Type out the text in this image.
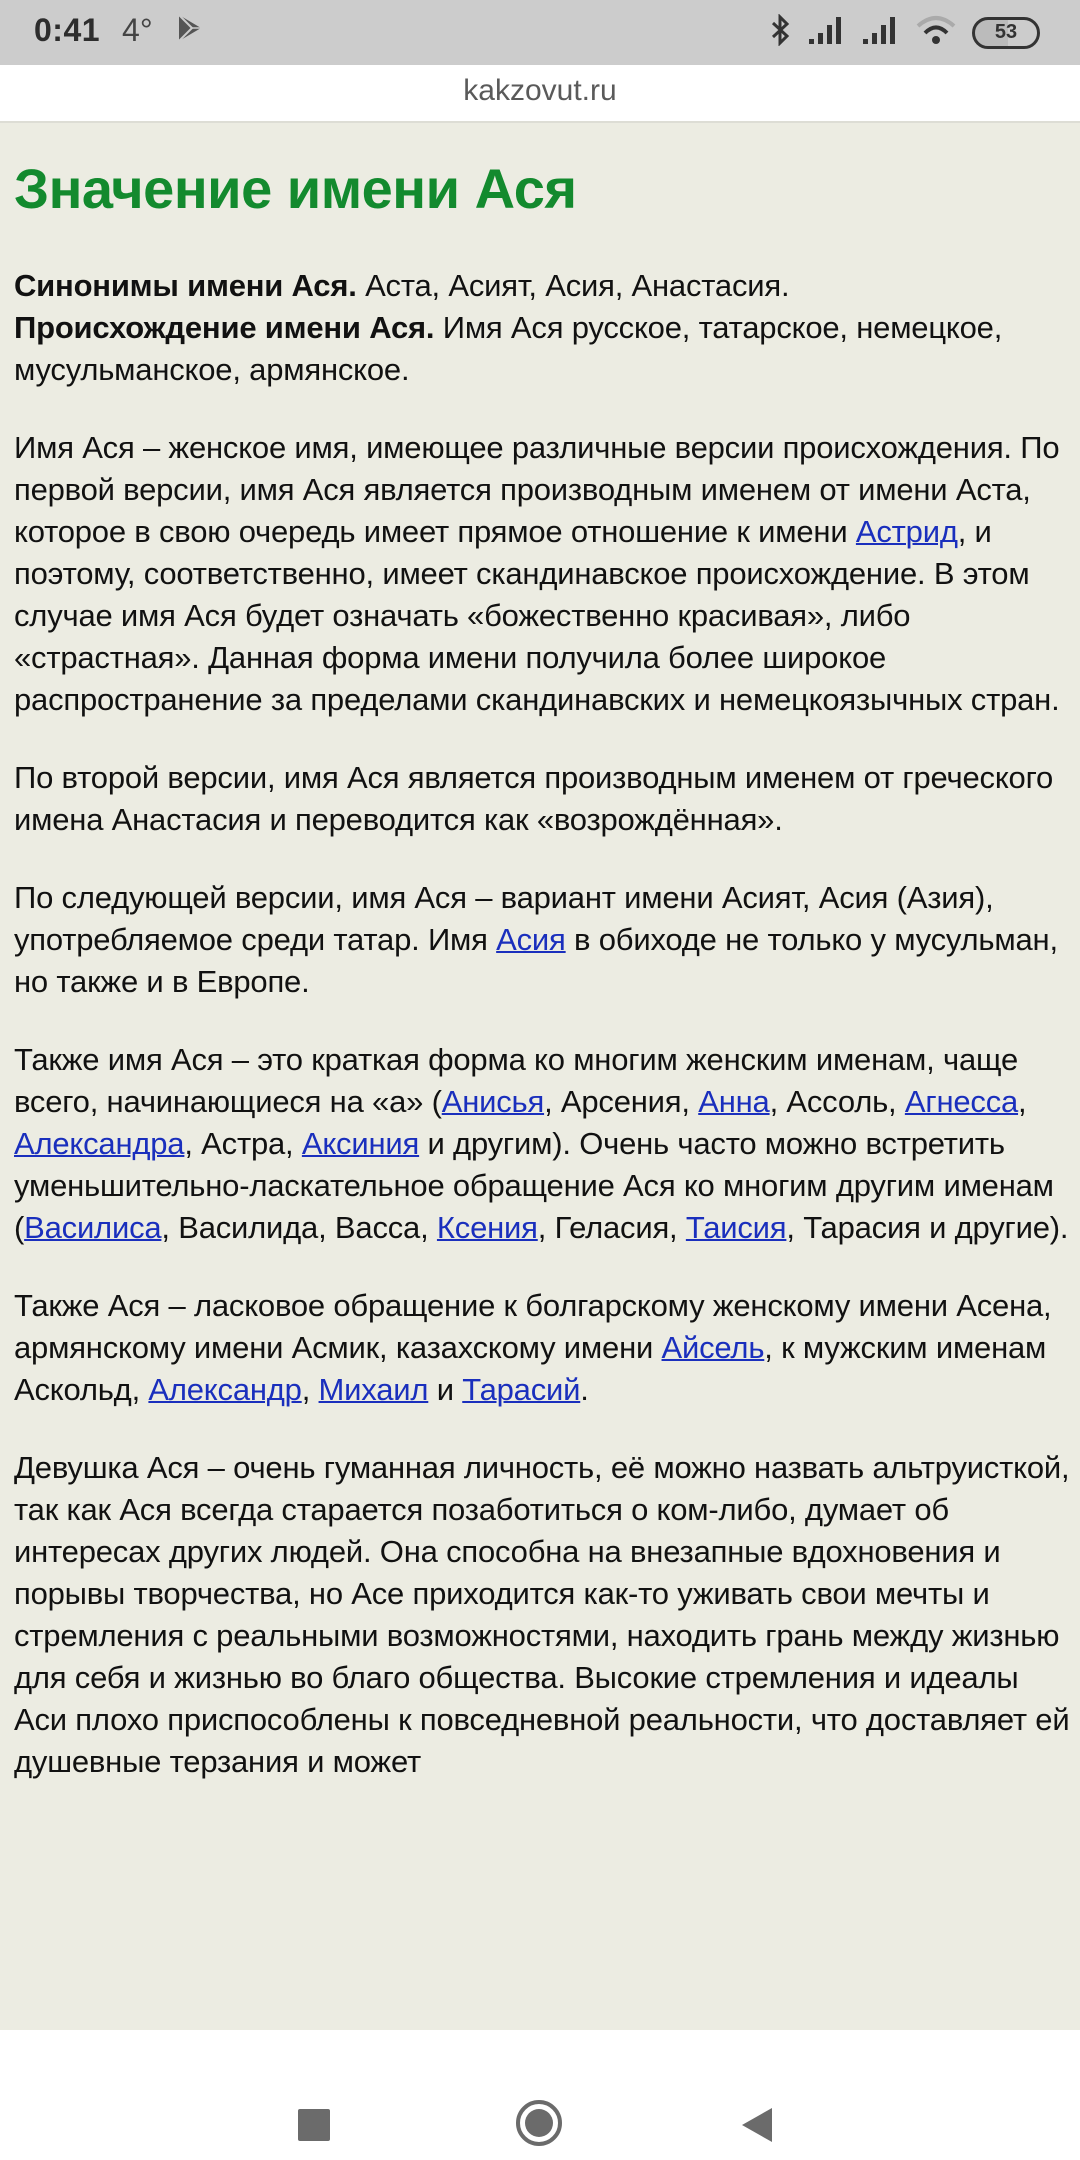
0:41 4°	53
kakzovut.ru
Значение имени Ася

Синонимы имени Ася. Аста, Асият, Асия, Анастасия.
Происхождение имени Ася. Имя Ася русское, татарское, немецкое, мусульманское, армянское.

Имя Ася – женское имя, имеющее различные версии происхождения. По первой версии, имя Ася является производным именем от имени Аста, которое в свою очередь имеет прямое отношение к имени Астрид, и поэтому, соответственно, имеет скандинавское происхождение. В этом случае имя Ася будет означать «божественно красивая», либо «страстная». Данная форма имени получила более широкое распространение за пределами скандинавских и немецкоязычных стран.

По второй версии, имя Ася является производным именем от греческого имена Анастасия и переводится как «возрождённая».

По следующей версии, имя Ася – вариант имени Асият, Асия (Азия), употребляемое среди татар. Имя Асия в обиходе не только у мусульман, но также и в Европе.

Также имя Ася – это краткая форма ко многим женским именам, чаще всего, начинающиеся на «а» (Анисья, Арсения, Анна, Ассоль, Агнесса, Александра, Астра, Аксиния и другим). Очень часто можно встретить уменьшительно-ласкательное обращение Ася ко многим другим именам (Василиса, Василида, Васса, Ксения, Геласия, Таисия, Тарасия и другие).

Также Ася – ласковое обращение к болгарскому женскому имени Асена, армянскому имени Асмик, казахскому имени Айсель, к мужским именам Аскольд, Александр, Михаил и Тарасий.

Девушка Ася – очень гуманная личность, её можно назвать альтруисткой, так как Ася всегда старается позаботиться о ком-либо, думает об интересах других людей. Она способна на внезапные вдохновения и порывы творчества, но Асе приходится как-то уживать свои мечты и стремления с реальными возможностями, находить грань между жизнью для себя и жизнью во благо общества. Высокие стремления и идеалы Аси плохо приспособлены к повседневной реальности, что доставляет ей душевные терзания и может
